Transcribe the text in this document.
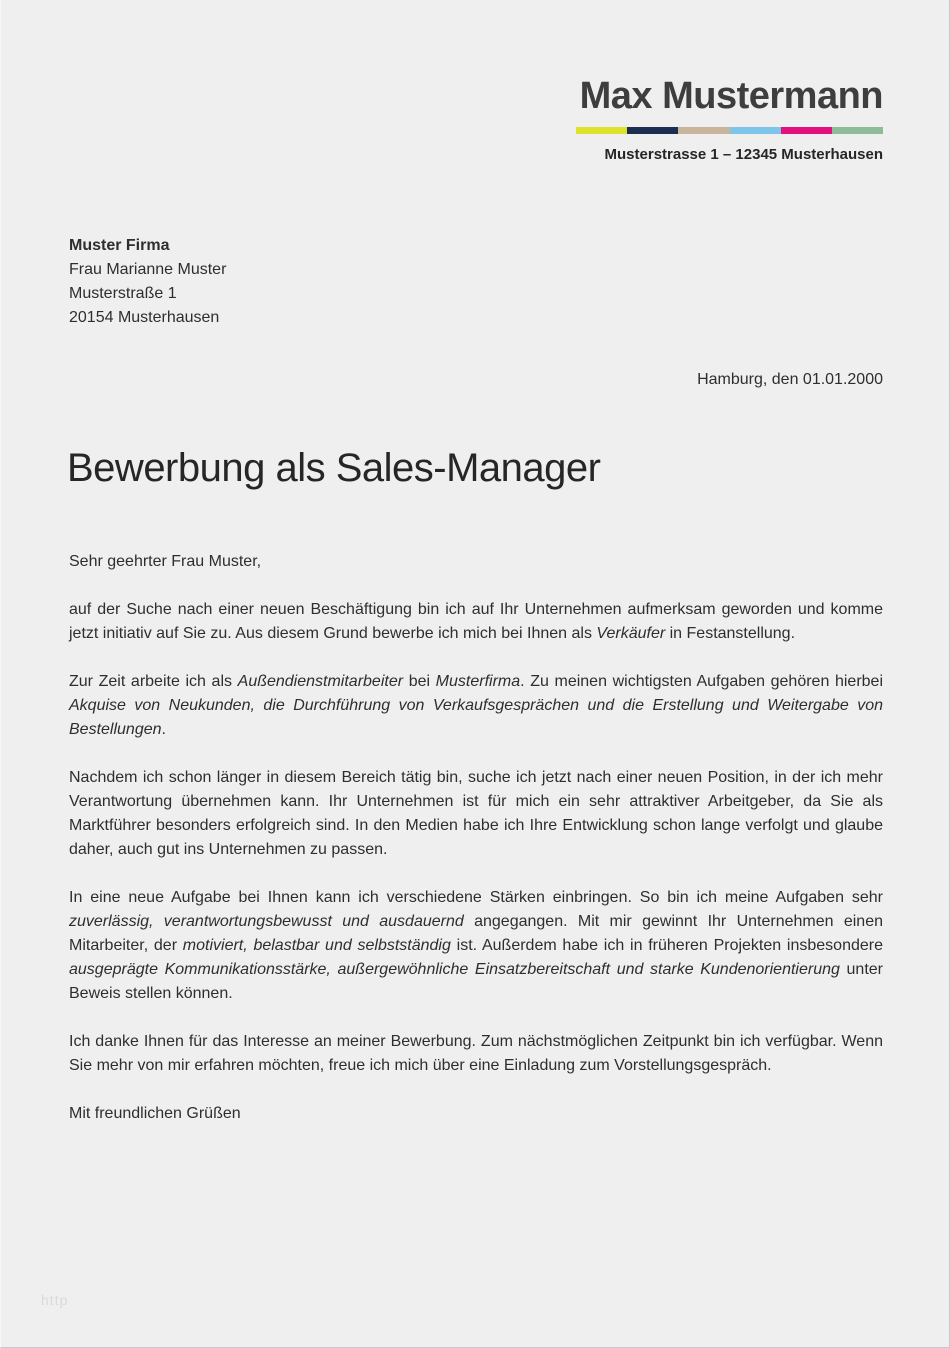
Max Mustermann
Musterstrasse 1 – 12345 Musterhausen
Muster Firma
Frau Marianne Muster
Musterstraße 1
20154 Musterhausen
Hamburg, den 01.01.2000
Bewerbung als Sales-Manager

Sehr geehrter Frau Muster,

auf der Suche nach einer neuen Beschäftigung bin ich auf Ihr Unternehmen aufmerksam geworden und komme jetzt initiativ auf Sie zu. Aus diesem Grund bewerbe ich mich bei Ihnen als Verkäufer in Festanstellung.

Zur Zeit arbeite ich als Außendienstmitarbeiter bei Musterfirma. Zu meinen wichtigsten Aufgaben gehören hierbei Akquise von Neukunden, die Durchführung von Verkaufsgesprächen und die Erstellung und Weitergabe von Bestellungen.

Nachdem ich schon länger in diesem Bereich tätig bin, suche ich jetzt nach einer neuen Position, in der ich mehr Verantwortung übernehmen kann. Ihr Unternehmen ist für mich ein sehr attraktiver Arbeitgeber, da Sie als Marktführer besonders erfolgreich sind. In den Medien habe ich Ihre Entwicklung schon lange verfolgt und glaube daher, auch gut ins Unternehmen zu passen.

In eine neue Aufgabe bei Ihnen kann ich verschiedene Stärken einbringen. So bin ich meine Aufgaben sehr zuverlässig, verantwortungsbewusst und ausdauernd angegangen. Mit mir gewinnt Ihr Unternehmen einen Mitarbeiter, der motiviert, belastbar und selbstständig ist. Außerdem habe ich in früheren Projekten insbesondere ausgeprägte Kommunikationsstärke, außergewöhnliche Einsatzbereitschaft und starke Kundenorientierung unter Beweis stellen können.

Ich danke Ihnen für das Interesse an meiner Bewerbung. Zum nächstmöglichen Zeitpunkt bin ich verfügbar. Wenn Sie mehr von mir erfahren möchten, freue ich mich über eine Einladung zum Vorstellungsgespräch.

Mit freundlichen Grüßen

http
